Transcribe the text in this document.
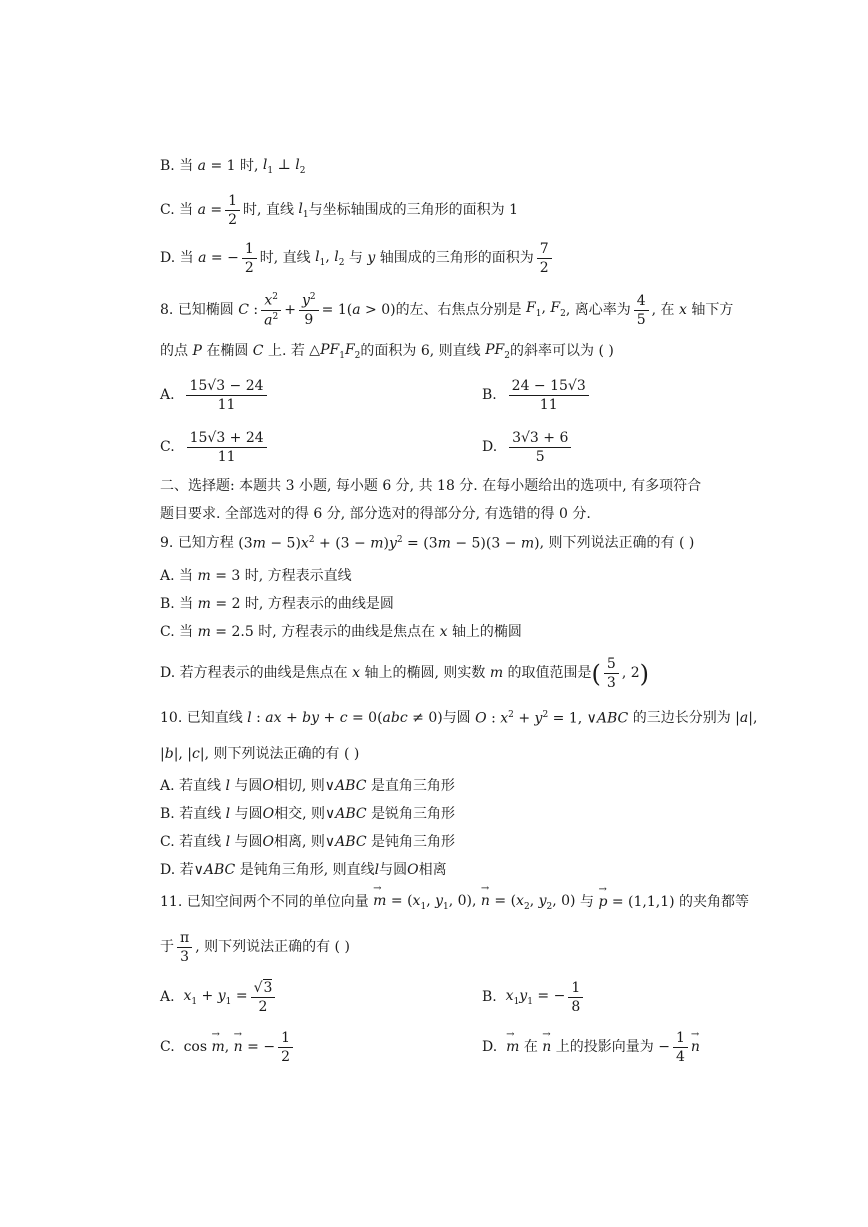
B.
当 a = 1 时, $l_1$ ⊥ $l_2$
C.
当 $a = \frac{1}{2}$ 时, 直线 $l_1$ 与坐标轴围成的三角形的面积为 1
D.
当 a = − $\frac{1}{2}$ 时, 直线 $l_1$, $l_2$ 与 y 轴围成的三角形的面积为 $\frac{7}{2}$
8.
已知椭圆 C : $\frac{x^2}{a^2} + \frac{y^2}{9} = 1(a > 0)$ 的左、右焦点分别是 $F_1$, $F_2$ , 离心率为 $\frac{4}{5}$ , 在 x 轴下方
的点 P 在椭圆 C 上. 若 $\triangle PF_1F_2$ 的面积为 6, 则直线 $PF_2$ 的斜率可以为 ( )
A.
$\frac{15√3 - 24}{11}$	B.
$\frac{24 - 15√3}{11}$
C.
$\frac{15√3 + 24}{11}$	D.
$\frac{3√3 + 6}{5}$
二、选择题: 本题共 3 小题, 每小题 6 分, 共 18 分. 在每小题给出的选项中, 有多项符合
题目要求. 全部选对的得 6 分, 部分选对的得部分分, 有选错的得 0 分.
9.
已知方程 $(3m - 5)x^2 + (3 - m)y^2 = (3m - 5)(3 - m)$ , 则下列说法正确的有 ( )
A.
当 m = 3 时, 方程表示直线
B.
当 m = 2 时, 方程表示的曲线是圆
C.
当 m = 2.5 时, 方程表示的曲线是焦点在 x 轴上的椭圆
D.
若方程表示的曲线是焦点在 x 轴上的椭圆, 则实数 m 的取值范围是 ( $\frac{5}{3}$ , 2 )
10.
已知直线 l : ax + by + c = 0(abc ≠ 0) 与圆 O : $x^2 + y^2 = 1$, ∨ABC 的三边长分别为 |a|,
|b|, |c| , 则下列说法正确的有 ( )
A.
若直线 l 与圆 O 相切, 则 ∨ABC 是直角三角形
B.
若直线 l 与圆 O 相交, 则 ∨ABC 是锐角三角形
C.
若直线 l 与圆 O 相离, 则 ∨ABC 是钝角三角形
D.
若 ∨ABC 是钝角三角形, 则直线 l 与圆 O 相离
11.
已知空间两个不同的单位向量
→ $m = (x_1$, $y_1$, 0), → $n = (x_2$, $y_2$, 0) 与
→ p = (1,1,1) 的夹角都等
于 $\frac{\pi}{3}$ , 则下列说法正确的有 ( )
A.
$x_1 + y_1 = \frac{√3}{2}$	B.
$x_1y_1$ = − $\frac{1}{8}$
C.
cos → m, → n = − $\frac{1}{2}$	D.

→ m 在
→ n 上的投影向量为 − $\frac{1}{4}$
→ n
